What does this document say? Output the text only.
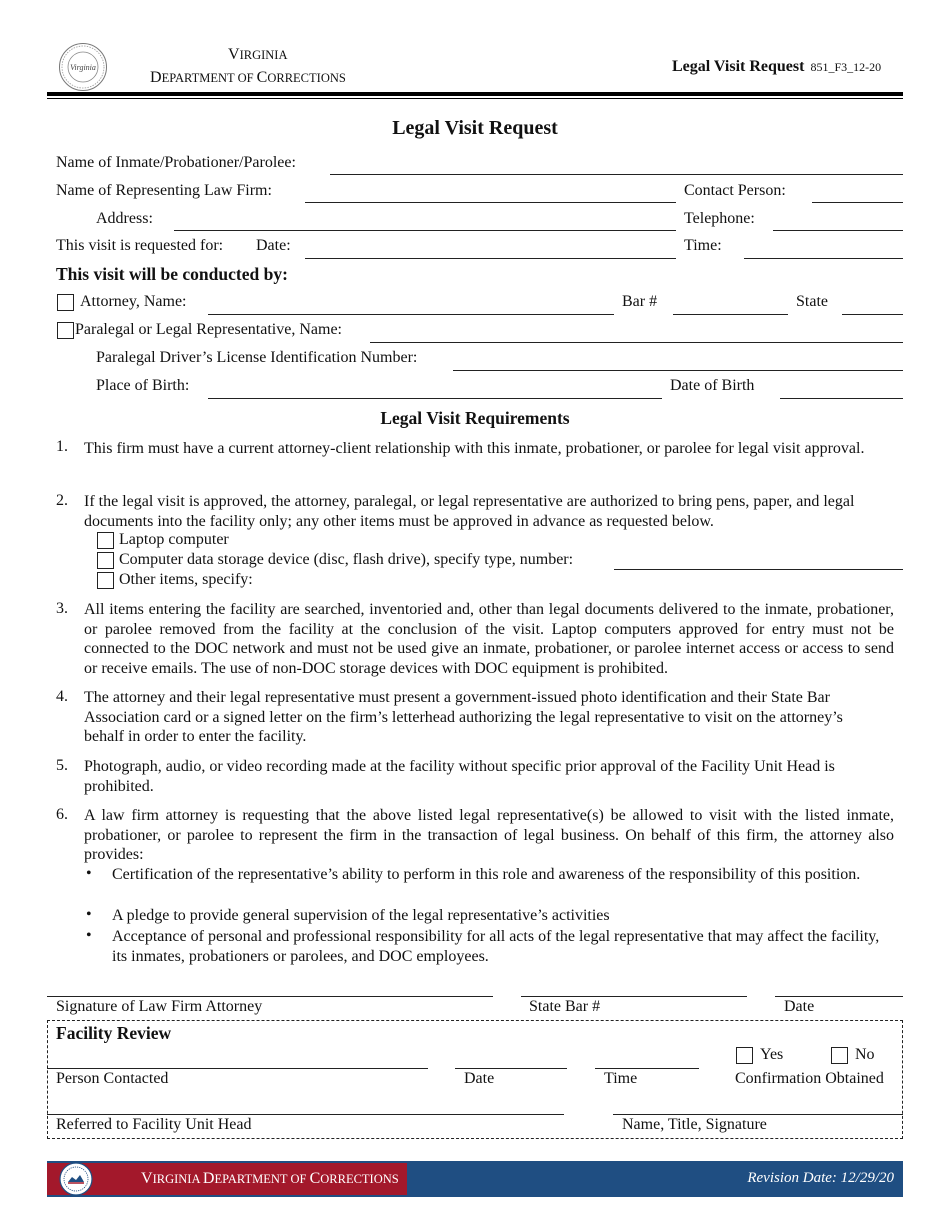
Virginia
VIRGINIA
DEPARTMENT OF CORRECTIONS
Legal Visit Request 851_F3_12-20
Legal Visit Request
Name of Inmate/Probationer/Parolee:
Name of Representing Law Firm:	Contact Person:
Address:	Telephone:
This visit is requested for: Date:	Time:
This visit will be conducted by:
Attorney, Name:	Bar #	State
Paralegal or Legal Representative, Name:
Paralegal Driver’s License Identification Number:
Place of Birth:	Date of Birth
Legal Visit Requirements
1. This firm must have a current attorney-client relationship with this inmate, probationer, or parolee for legal visit approval.
2. If the legal visit is approved, the attorney, paralegal, or legal representative are authorized to bring pens, paper, and legal documents into the facility only; any other items must be approved in advance as requested below.
Laptop computer
Computer data storage device (disc, flash drive), specify type, number:
Other items, specify:
3. All items entering the facility are searched, inventoried and, other than legal documents delivered to the inmate, probationer, or parolee removed from the facility at the conclusion of the visit. Laptop computers approved for entry must not be connected to the DOC network and must not be used give an inmate, probationer, or parolee internet access or access to send or receive emails. The use of non-DOC storage devices with DOC equipment is prohibited.
4. The attorney and their legal representative must present a government-issued photo identification and their State Bar Association card or a signed letter on the firm’s letterhead authorizing the legal representative to visit on the attorney’s behalf in order to enter the facility.
5. Photograph, audio, or video recording made at the facility without specific prior approval of the Facility Unit Head is prohibited.
6. A law firm attorney is requesting that the above listed legal representative(s) be allowed to visit with the listed inmate, probationer, or parolee to represent the firm in the transaction of legal business. On behalf of this firm, the attorney also provides:
• Certification of the representative’s ability to perform in this role and awareness of the responsibility of this position.
• A pledge to provide general supervision of the legal representative’s activities
• Acceptance of personal and professional responsibility for all acts of the legal representative that may affect the facility, its inmates, probationers or parolees, and DOC employees.
Signature of Law Firm Attorney	State Bar #	Date
Facility Review
Yes	No
Person Contacted	Date	Time	Confirmation Obtained
Referred to Facility Unit Head	Name, Title, Signature
VIRGINIA DEPARTMENT OF CORRECTIONS	Revision Date: 12/29/20
